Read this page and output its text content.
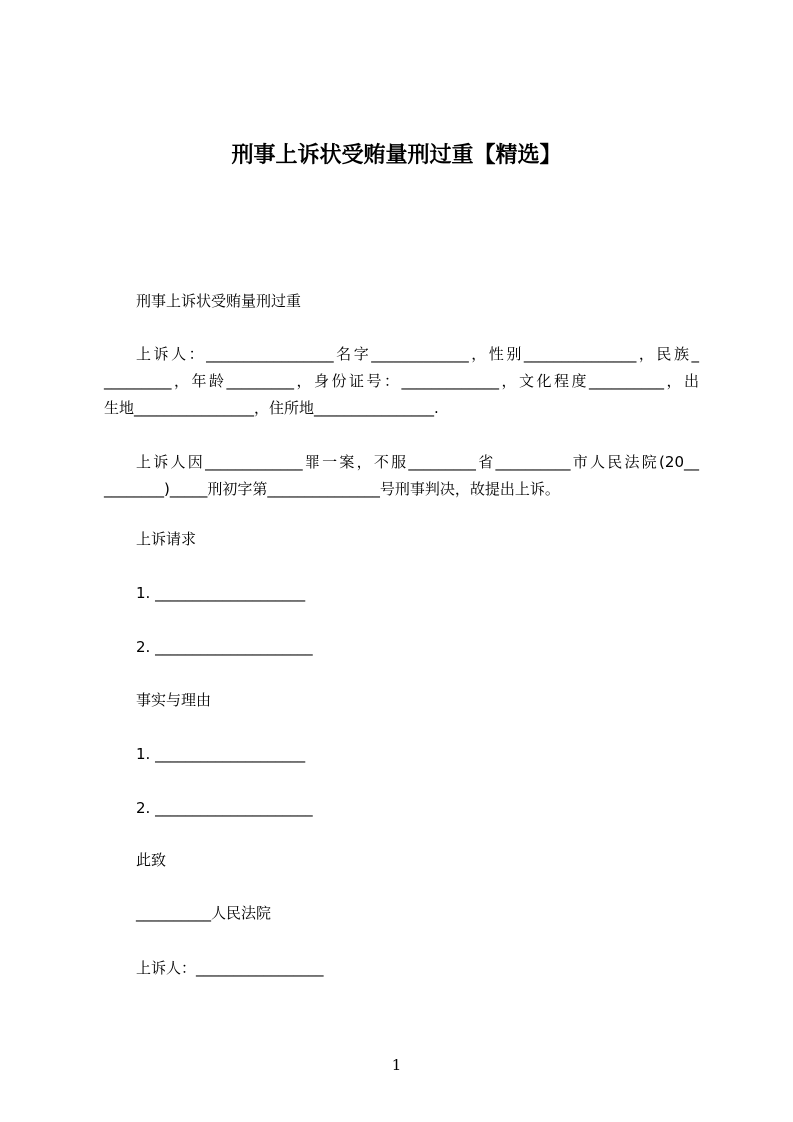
刑事上诉状受贿量刑过重【精选】

刑事上诉状受贿量刑过重

上诉人：_________________名字_____________，性别_______________，民族_

_________，年龄_________，身份证号：_____________，文化程度__________，出

生地________________，住所地________________.

上诉人因_____________罪一案，不服_________省__________市人民法院(20__

________)_____刑初字第_______________号刑事判决，故提出上诉。

上诉请求

1. ____________________

2. _____________________

事实与理由

1. ____________________

2. _____________________

此致

__________人民法院

上诉人：_________________

1
